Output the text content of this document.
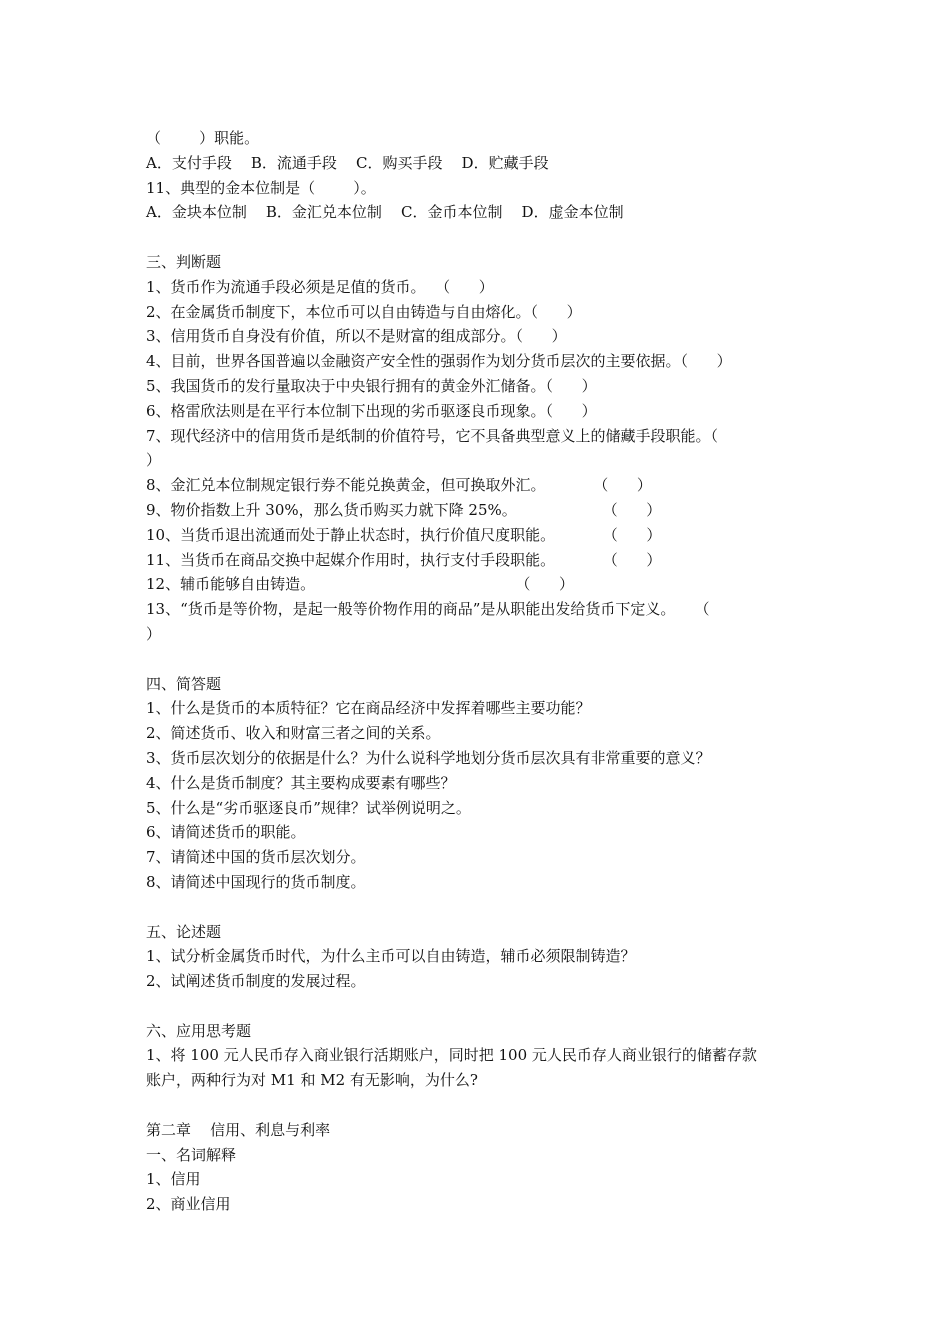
（        ）职能。
A．支付手段    B．流通手段    C．购买手段    D．贮藏手段
11、典型的金本位制是（        ）。
A．金块本位制    B．金汇兑本位制    C．金币本位制    D．虚金本位制
三、判断题
1、货币作为流通手段必须是足值的货币。  （      ）
2、在金属货币制度下，本位币可以自由铸造与自由熔化。（      ）
3、信用货币自身没有价值，所以不是财富的组成部分。（      ）
4、目前，世界各国普遍以金融资产安全性的强弱作为划分货币层次的主要依据。（      ）
5、我国货币的发行量取决于中央银行拥有的黄金外汇储备。（      ）
6、格雷欣法则是在平行本位制下出现的劣币驱逐良币现象。（      ）
7、现代经济中的信用货币是纸制的价值符号，它不具备典型意义上的储藏手段职能。（
）
8、金汇兑本位制规定银行券不能兑换黄金，但可换取外汇。          （      ）
9、物价指数上升 30%，那么货币购买力就下降 25%。                  （      ）
10、当货币退出流通而处于静止状态时，执行价值尺度职能。          （      ）
11、当货币在商品交换中起媒介作用时，执行支付手段职能。          （      ）
12、辅币能够自由铸造。                                          （      ）
13、“货币是等价物，是起一般等价物作用的商品”是从职能出发给货币下定义。    （
）
四、简答题
1、什么是货币的本质特征？它在商品经济中发挥着哪些主要功能？
2、简述货币、收入和财富三者之间的关系。
3、货币层次划分的依据是什么？为什么说科学地划分货币层次具有非常重要的意义？
4、什么是货币制度？其主要构成要素有哪些？
5、什么是“劣币驱逐良币”规律？试举例说明之。
6、请简述货币的职能。
7、请简述中国的货币层次划分。
8、请简述中国现行的货币制度。
五、论述题
1、试分析金属货币时代，为什么主币可以自由铸造，辅币必须限制铸造？
2、试阐述货币制度的发展过程。
六、应用思考题
1、将 100 元人民币存入商业银行活期账户，同时把 100 元人民币存人商业银行的储蓄存款
账户，两种行为对 M1 和 M2 有无影响，为什么?
第二章    信用、利息与利率
一、名词解释
1、信用
2、商业信用
